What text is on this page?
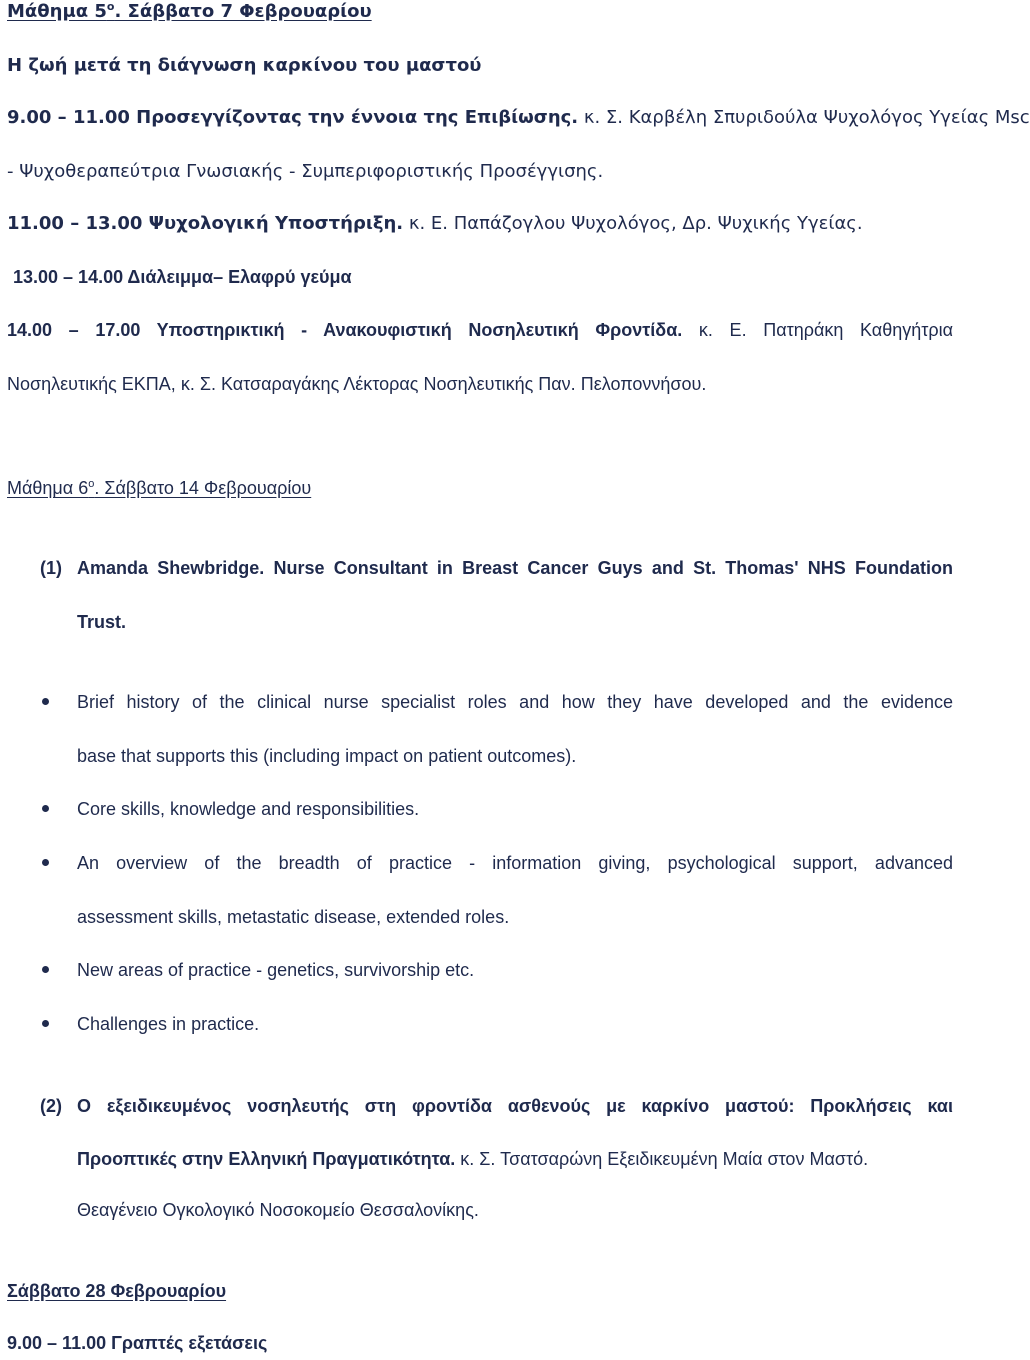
Μάθημα $5^o$. Σάββατο 7 Φεβρουαρίου
Η ζωή μετά τη διάγνωση καρκίνου του μαστού
9.00 – 11.00 Προσεγγίζοντας την έννοια της Επιβίωσης. κ. Σ. Καρβέλη Σπυριδούλα Ψυχολόγος Υγείας Msc
- Ψυχοθεραπεύτρια Γνωσιακής - Συμπεριφοριστικής Προσέγγισης.
11.00 – 13.00 Ψυχολογική Υποστήριξη. κ. Ε. Παπάζογλου Ψυχολόγος, Δρ. Ψυχικής Υγείας.
13.00 – 14.00 Διάλειμμα– Ελαφρύ γεύμα
14.00 – 17.00 Υποστηρικτική - Ανακουφιστική Νοσηλευτική Φροντίδα. κ. Ε. Πατηράκη Καθηγήτρια
Νοσηλευτικής ΕΚΠΑ, κ. Σ. Κατσαραγάκης Λέκτορας Νοσηλευτικής Παν. Πελοποννήσου.
Μάθημα $6^o$. Σάββατο 14 Φεβρουαρίου
(1) Amanda Shewbridge. Nurse Consultant in Breast Cancer Guys and St. Thomas' NHS Foundation
Trust.
Brief history of the clinical nurse specialist roles and how they have developed and the evidence
base that supports this (including impact on patient outcomes).
Core skills, knowledge and responsibilities.
An overview of the breadth of practice - information giving, psychological support, advanced
assessment skills, metastatic disease, extended roles.
New areas of practice - genetics, survivorship etc.
Challenges in practice.
(2) Ο εξειδικευμένος νοσηλευτής στη φροντίδα ασθενούς με καρκίνο μαστού: Προκλήσεις και
Προοπτικές στην Ελληνική Πραγματικότητα. κ. Σ. Τσατσαρώνη Εξειδικευμένη Μαία στον Μαστό.
Θεαγένειο Ογκολογικό Νοσοκομείο Θεσσαλονίκης.
Σάββατο 28 Φεβρουαρίου
9.00 – 11.00 Γραπτές εξετάσεις
